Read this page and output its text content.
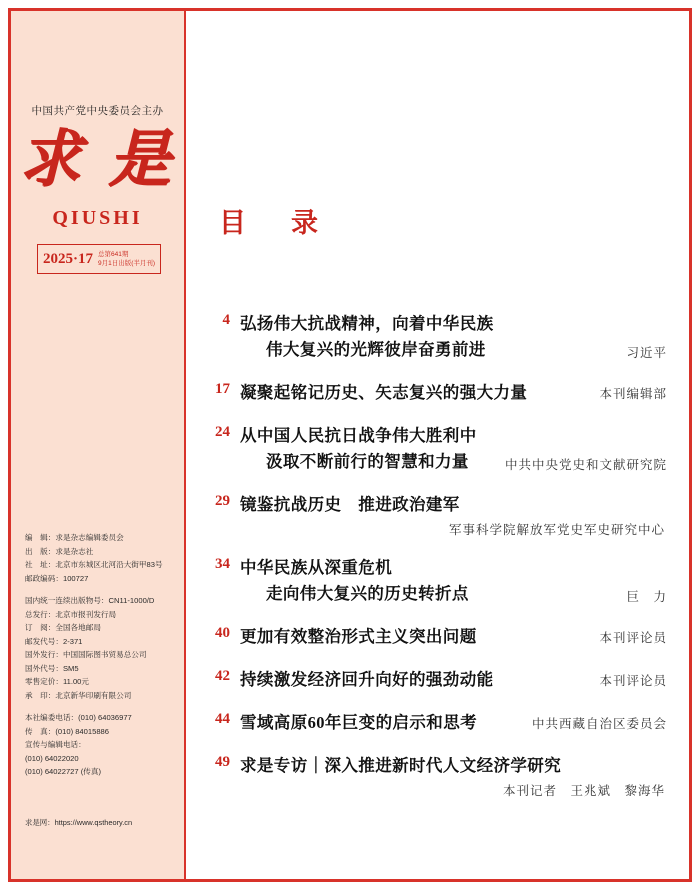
中国共产党中央委员会主办
求 是
QIUSHI
2025·17 总第641期
9月1日出版(半月刊)
编　辑：求是杂志编辑委员会
出　版：求是杂志社
社　址：北京市东城区北河沿大街甲83号
邮政编码：100727
国内统一连续出版物号：CN11-1000/D
总发行：北京市报刊发行局
订　阅：全国各地邮局
邮发代号：2-371
国外发行：中国国际图书贸易总公司
国外代号：SM5
零售定价：11.00元
承　印：北京新华印刷有限公司
本社编委电话：(010) 64036977
传　真：(010) 84015886
宣传与编辑电话：
(010) 64022020
(010) 64022727 (传真)
求是网：https://www.qstheory.cn
目　录
4 弘扬伟大抗战精神，向着中华民族
伟大复兴的光辉彼岸奋勇前进	习近平
17 凝聚起铭记历史、矢志复兴的强大力量	本刊编辑部
24 从中国人民抗日战争伟大胜利中
汲取不断前行的智慧和力量	中共中央党史和文献研究院
29 镜鉴抗战历史　推进政治建军
军事科学院解放军党史军史研究中心
34 中华民族从深重危机
走向伟大复兴的历史转折点	巨　力
40 更加有效整治形式主义突出问题	本刊评论员
42 持续激发经济回升向好的强劲动能	本刊评论员
44 雪域高原60年巨变的启示和思考	中共西藏自治区委员会
49 求是专访｜深入推进新时代人文经济学研究
本刊记者　王兆斌　黎海华
